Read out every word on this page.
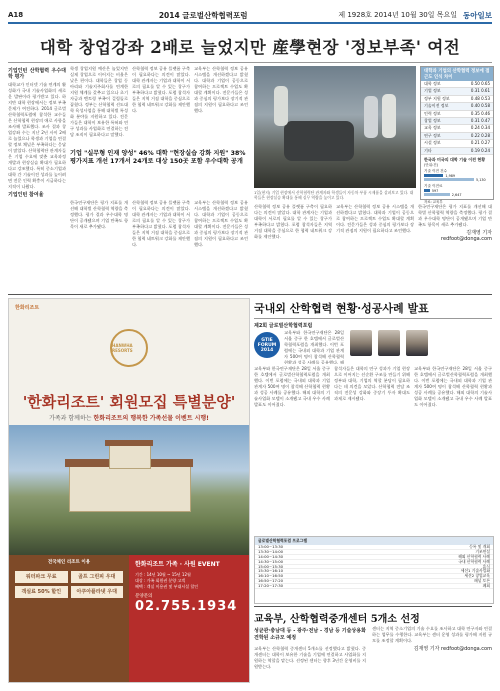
A18	2014 글로벌산학협력포럼	제 1928호 2014년 10월 30일 목요일 동아일보
대학 창업강좌 2배로 늘었지만 産學현장 '정보부족' 여전
기업인턴 산학협력 우수대학 평가
대학교가 인터넷 기술 연계의 활성화가 국내 기술사업화의 새로운 발판이라 평가받고 있다. 하지만 대학 현장에서는 정보 부족 문제가 여전하다. 2014 글로벌산학협력포럼에 참석한 교수들은 산학협력 현장의 애로 사항을 조사해 발표했다. 조사 결과 창업강좌 수는 지난 2년 사이 2배로 늘었으나 학생과 기업을 연결할 정보 채널은 부족하다는 응답이 많았다. 산학협력단 관계자들은 기업 수요에 맞춘 교육과정 개발과 현장실습 확대가 필요하다고 강조했다. 특히 중소기업과 대학 간 기술이전 성과를 높이려면 전문 인력 확충이 시급하다는 지적이 나왔다.
기업인턴 참여율
학생 창업지원 예산은 늘었지만 실제 창업으로 이어지는 비율은 낮은 편이다. 대학들은 창업 동아리와 기술지주회사를 연계한 지원 체계를 갖추고 있으나 초기 자금과 멘토링 부족이 걸림돌로 꼽혔다. 정부는 산학협력 선도대학 육성사업을 통해 대학별 특성화 분야를 지원하고 있다. 전문가들은 대학이 보유한 특허와 연구 성과를 사업화로 연결하는 전담 조직이 필요하다고 말했다.
기업 "실무형 인재 양성" 46% 대학 "현장실습 강화 지원" 38% 평가지표 개선 17개서 24개로 대상 150곳 포함 우수대학 공개
한국연구재단은 평가 지표를 개선해 대학별 산학협력 역량을 측정했다. 평가 결과 우수대학 명단이 공개됐으며 기업 만족도 항목이 새로 추가됐다.
산학협력 정보 공유 플랫폼 구축이 필요하다는 의견이 많았다. 대학 관계자는 기업과 대학이 서로의 필요를 알 수 있는 창구가 부족하다고 밝혔다. 포럼 참석자들은 지역 거점 대학을 중심으로 한 협력 네트워크 강화를 제안했다.
산학협력 정보 공유 플랫폼 구축이 필요하다는 의견이 많았다. 대학 관계자는 기업과 대학이 서로의 필요를 알 수 있는 창구가 부족하다고 밝혔다. 포럼 참석자들은 지역 거점 대학을 중심으로 한 협력 네트워크 강화를 제안했다.
교육부는 산학협력 정보 공유 시스템을 개선하겠다고 밝혔다. 대학과 기업이 공동으로 참여하는 프로젝트 수업도 확대할 계획이다. 전문가들은 성과 중심의 평가보다 장기적 관점의 지원이 필요하다고 조언했다.
교육부는 산학협력 정보 공유 시스템을 개선하겠다고 밝혔다. 대학과 기업이 공동으로 참여하는 프로젝트 수업도 확대할 계획이다. 전문가들은 성과 중심의 평가보다 장기적 관점의 지원이 필요하다고 조언했다.
1일(현지) 기업 현장에서 산학협력단 관계자와 학생들이 자동차 부품 시제품을 살펴보고 있다. 대학들은 현장실습 확대를 통해 실무 역량을 높이고 있다.
산학협력 정보 공유 플랫폼 구축이 필요하다는 의견이 많았다. 대학 관계자는 기업과 대학이 서로의 필요를 알 수 있는 창구가 부족하다고 밝혔다. 포럼 참석자들은 지역 거점 대학을 중심으로 한 협력 네트워크 강화를 제안했다.
교육부는 산학협력 정보 공유 시스템을 개선하겠다고 밝혔다. 대학과 기업이 공동으로 참여하는 프로젝트 수업도 확대할 계획이다. 전문가들은 성과 중심의 평가보다 장기적 관점의 지원이 필요하다고 조언했다.
한국연구재단은 평가 지표를 개선해 대학별 산학협력 역량을 측정했다. 평가 결과 우수대학 명단이 공개됐으며 기업 만족도 항목이 새로 추가됐다.
김재영 기자 redfoot@donga.com
대학과 기업의 산학협력 정보에 접근도 인식 차이
대학 정보	0.50 0.65
기업 정보	0.31 0.61
정부 지원 정보	0.48 0.53
기술이전 정보	0.40 0.58
인력 정보	0.35 0.46
창업 정보	0.31 0.47
교육 정보	0.24 0.34
연구 정보	0.22 0.28
시설 정보	0.21 0.27
기타	0.19 0.24
한국과 미국의 대학 기술 이전 현황
(단위:건)
기술 이전 건수
1,989
5,130
기술 이전료
597
2,647
자료: 교육부
한화리조트
HANWHA RESORTS
'한화리조트' 회원모집 특별분양'
가족과 함께하는 한화리조트의 행복한 가족선물 이벤트 시행!
전국체인 리조트 이용
워터파크 무료	골프 그린피 우대
객실료 50% 할인	아쿠아플라넷 우대
한화리조트 가족 · 사원 EVENT
기간 : 14년 10월 ~ 15년 12월
대상 : 가족 회원권 분양 고객
혜택 : 객실 이용권 및 부대시설 할인
분양문의
02.755.1934
국내외 산학협력 현황·성공사례 발표
제2회 글로벌산학협력포럼
GTIE FORUM 2014
교육부와 한국연구재단은 28일 서울 중구 한 호텔에서 글로벌산학협력포럼을 개최했다. 이번 포럼에는 국내외 대학과 기업 관계자 500여 명이 참석해 산학협력 현황과 성공 사례를 공유했다. 해
교육부와 한국연구재단은 28일 서울 중구 한 호텔에서 글로벌산학협력포럼을 개최했다. 이번 포럼에는 국내외 대학과 기업 관계자 500여 명이 참석해 산학협력 현황과 성공 사례를 공유했다. 해외 대학의 기술사업화 모델이 소개됐고 국내 우수 사례 발표도 이어졌다.
참석자들은 대학의 연구 성과가 기업 현장으로 이어지는 선순환 구조를 만들기 위해 정부와 대학, 기업의 역할 분담이 필요하다는 데 의견을 모았다. 산학협력 전담 조직의 전문성 강화와 중장기 투자 확대도 과제로 제시됐다.
교육부와 한국연구재단은 28일 서울 중구 한 호텔에서 글로벌산학협력포럼을 개최했다. 이번 포럼에는 국내외 대학과 기업 관계자 500여 명이 참석해 산학협력 현황과 성공 사례를 공유했다. 해외 대학의 기술사업화 모델이 소개됐고 국내 우수 사례 발표도 이어졌다.
글로벌산학협력포럼 프로그램
13:00~13:30	등록 및 개회
13:30~14:00	기조연설
14:00~14:30	해외 산학협력 사례
14:30~15:00	국내 산학협력 사례
15:00~15:30	휴식
15:30~16:10	세션1 기술사업화
16:10~16:50	세션2 창업교육
16:50~17:20	패널 토론
17:20~17:30	폐회
교육부, 산학협력중개센터 5개소 선정
성균관·충남대 등 - 광주·전남 - 경남 등 기술상용화 견학된 소규모 예정
교육부는 산학협력 중개센터 5개소를 선정했다고 밝혔다. 중개센터는 대학이 보유한 기술을 기업에 연결하고 사업화를 지원하는 역할을 맡는다. 선정된 센터는 향후 3년간 운영비를 지원받는다.
센터는 지역 중소기업의 기술 수요를 조사하고 대학 연구자와 연결하는 업무를 수행한다. 교육부는 센터 운영 성과를 평가해 지원 규모를 조정할 계획이다.
김재영 기자 redfoot@donga.com
